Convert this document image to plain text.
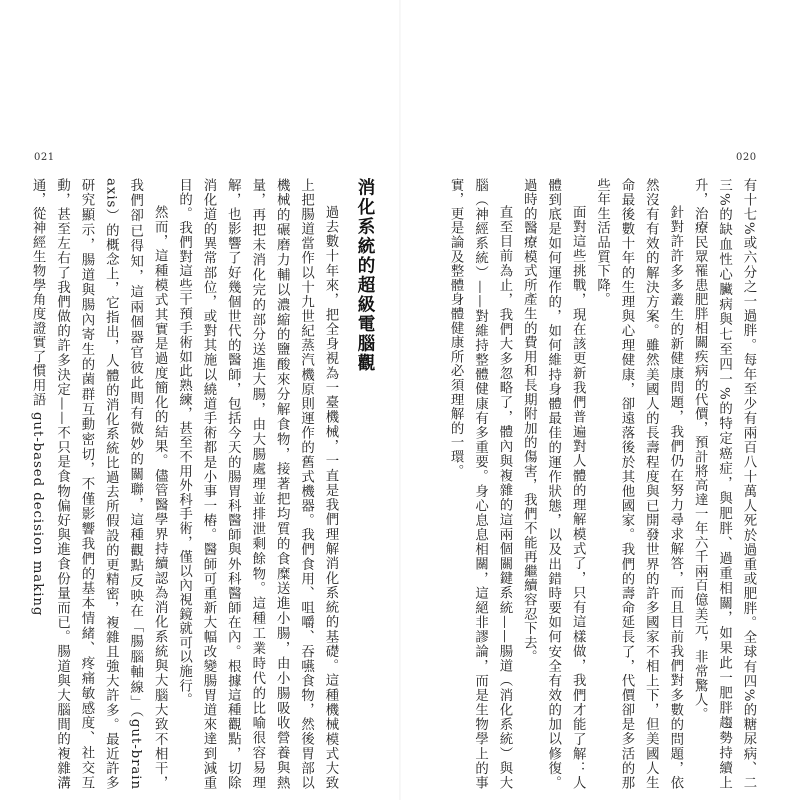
021	020

有十七%或六分之一過胖。每年至少有兩百八十萬人死於過重或肥胖。全球有四%的糖尿病、二三%的缺血性心臟病與七至四一%的特定癌症，與肥胖、過重相關，如果此一肥胖趨勢持續上升，治療民眾罹患肥胖相關疾病的代價，預計將高達一年六千兩百億美元，非常驚人。

針對許許多多叢生的新健康問題，我們仍在努力尋求解答，而且目前我們對多數的問題，依然沒有有效的解決方案。雖然美國人的長壽程度與已開發世界的許多國家不相上下，但美國人生命最後數十年的生理與心理健康，卻遠落後於其他國家。我們的壽命延長了，代價卻是多活的那些年生活品質下降。

面對這些挑戰，現在該更新我們普遍對人體的理解模式了，只有這樣做，我們才能了解：人體到底是如何運作的，如何維持身體最佳的運作狀態，以及出錯時要如何安全有效的加以修復。過時的醫療模式所產生的費用和長期附加的傷害，我們不能再繼續容忍下去。

直至目前為止，我們大多忽略了，體內與複雜的這兩個關鍵系統——腸道（消化系統）與大腦（神經系統）——對維持整體健康有多重要。身心息息相關，這絕非謬論，而是生物學上的事實，更是論及整體身體健康所必須理解的一環。

消化系統的超級電腦觀

過去數十年來，把全身視為一臺機械，一直是我們理解消化系統的基礎。這種機械模式大致上把腸道當作以十九世紀蒸汽機原則運作的舊式機器。我們食用、咀嚼、吞嚥食物，然後胃部以機械的碾磨力輔以濃縮的鹽酸來分解食物，接著把均質的食糜送進小腸，由小腸吸收營養與熱量，再把未消化完的部分送進大腸，由大腸處理並排泄剩餘物。這種工業時代的比喻很容易理解，也影響了好幾個世代的醫師，包括今天的腸胃科醫師與外科醫師在內。根據這種觀點，切除消化道的異常部位，或對其施以繞道手術都是小事一樁。醫師可重新大幅改變腸胃道來達到減重目的。我們對這些干預手術如此熟練，甚至不用外科手術，僅以內視鏡就可以施行。

然而，這種模式其實是過度簡化的結果。儘管醫學界持續認為消化系統與大腦大致不相干，我們卻已得知，這兩個器官彼此間有微妙的關聯，這種觀點反映在「腸腦軸線」（gut-brain axis）的概念上，它指出，人體的消化系統比過去所假設的更精密，複雜且強大許多。最近許多研究顯示，腸道與腸內寄生的菌群互動密切，不僅影響我們的基本情緒、疼痛敏感度、社交互動，甚至左右了我們做的許多決定——不只是食物偏好與進食份量而已。腸道與大腦間的複雜溝通，從神經生物學角度證實了慣用語 gut-based decision making
